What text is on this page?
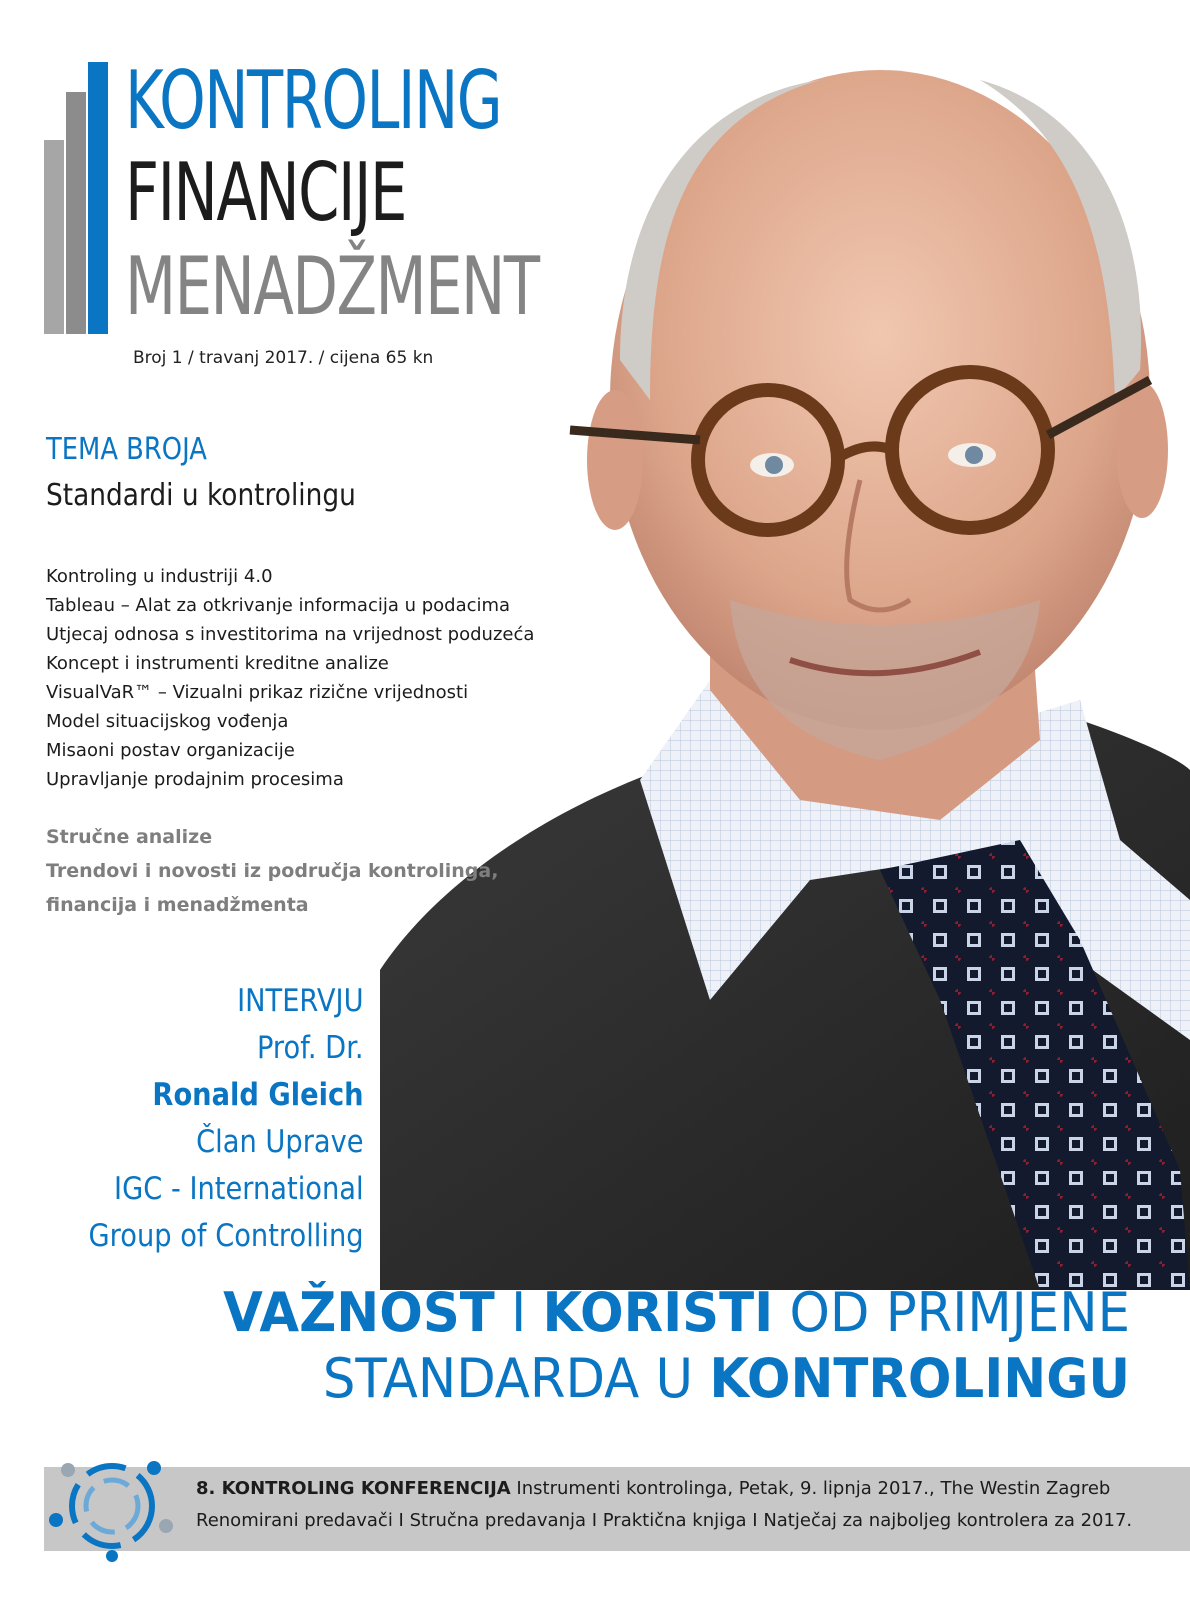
KONTROLING
FINANCIJE
MENADŽMENT
Broj 1 / travanj 2017. / cijena 65 kn
TEMA BROJA
Standardi u kontrolingu
Kontroling u industriji 4.0
Tableau – Alat za otkrivanje informacija u podacima
Utjecaj odnosa s investitorima na vrijednost poduzeća
Koncept i instrumenti kreditne analize
VisualVaR™ – Vizualni prikaz rizične vrijednosti
Model situacijskog vođenja
Misaoni postav organizacije
Upravljanje prodajnim procesima
Stručne analize
Trendovi i novosti iz područja kontrolinga,
financija i menadžmenta
INTERVJU
Prof. Dr.
Ronald Gleich
Član Uprave
IGC - International
Group of Controlling
VAŽNOST I KORISTI OD PRIMJENE
STANDARDA U KONTROLINGU
8. KONTROLING KONFERENCIJA Instrumenti kontrolinga, Petak, 9. lipnja 2017., The Westin Zagreb
Renomirani predavači I Stručna predavanja I Praktična knjiga I Natječaj za najboljeg kontrolera za 2017.
